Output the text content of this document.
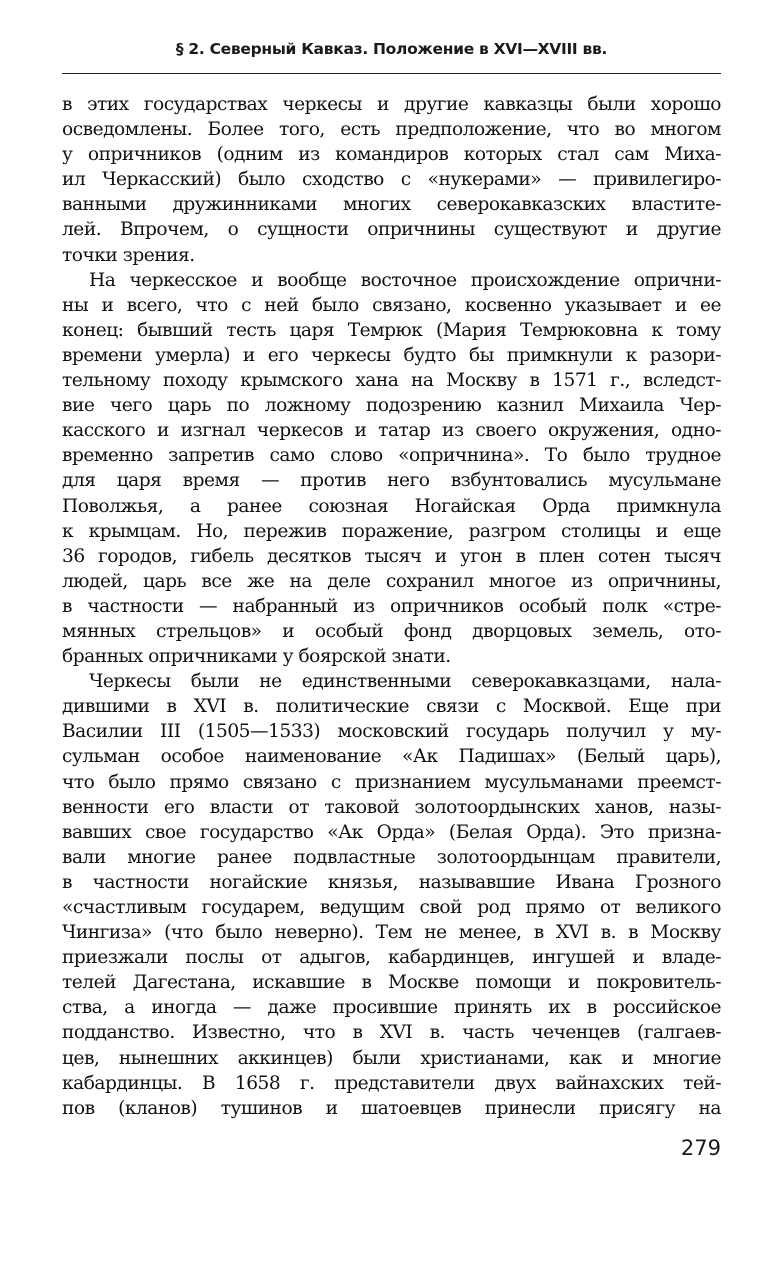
§ 2. Северный Кавказ. Положение в XVI—XVIII вв.
в этих государствах черкесы и другие кавказцы были хорошо
осведомлены. Более того, есть предположение, что во многом
у опричников (одним из командиров которых стал сам Миха-
ил Черкасский) было сходство с «нукерами» — привилегиро-
ванными дружинниками многих северокавказских властите-
лей. Впрочем, о сущности опричнины существуют и другие
точки зрения.
На черкесское и вообще восточное происхождение опрични-
ны и всего, что с ней было связано, косвенно указывает и ее
конец: бывший тесть царя Темрюк (Мария Темрюковна к тому
времени умерла) и его черкесы будто бы примкнули к разори-
тельному походу крымского хана на Москву в 1571 г., вследст-
вие чего царь по ложному подозрению казнил Михаила Чер-
касского и изгнал черкесов и татар из своего окружения, одно-
временно запретив само слово «опричнина». То было трудное
для царя время — против него взбунтовались мусульмане
Поволжья, а ранее союзная Ногайская Орда примкнула
к крымцам. Но, пережив поражение, разгром столицы и еще
36 городов, гибель десятков тысяч и угон в плен сотен тысяч
людей, царь все же на деле сохранил многое из опричнины,
в частности — набранный из опричников особый полк «стре-
мянных стрельцов» и особый фонд дворцовых земель, ото-
бранных опричниками у боярской знати.
Черкесы были не единственными северокавказцами, нала-
дившими в XVI в. политические связи с Москвой. Еще при
Василии III (1505—1533) московский государь получил у му-
сульман особое наименование «Ак Падишах» (Белый царь),
что было прямо связано с признанием мусульманами преемст-
венности его власти от таковой золотоордынских ханов, назы-
вавших свое государство «Ак Орда» (Белая Орда). Это призна-
вали многие ранее подвластные золотоордынцам правители,
в частности ногайские князья, называвшие Ивана Грозного
«счастливым государем, ведущим свой род прямо от великого
Чингиза» (что было неверно). Тем не менее, в XVI в. в Москву
приезжали послы от адыгов, кабардинцев, ингушей и владе-
телей Дагестана, искавшие в Москве помощи и покровитель-
ства, а иногда — даже просившие принять их в российское
подданство. Известно, что в XVI в. часть чеченцев (галгаев-
цев, нынешних аккинцев) были христианами, как и многие
кабардинцы. В 1658 г. представители двух вайнахских тей-
пов (кланов) тушинов и шатоевцев принесли присягу на
279
